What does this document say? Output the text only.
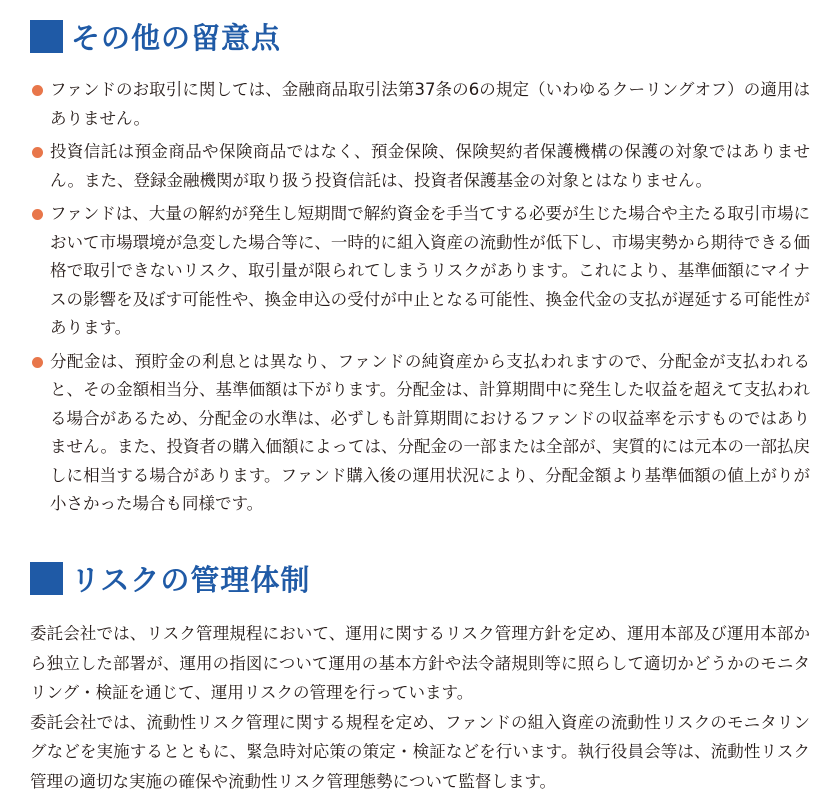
その他の留意点
ファンドのお取引に関しては、金融商品取引法第37条の6の規定（いわゆるクーリングオフ）の適用はありません。
投資信託は預金商品や保険商品ではなく、預金保険、保険契約者保護機構の保護の対象ではありません。また、登録金融機関が取り扱う投資信託は、投資者保護基金の対象とはなりません。
ファンドは、大量の解約が発生し短期間で解約資金を手当てする必要が生じた場合や主たる取引市場において市場環境が急変した場合等に、一時的に組入資産の流動性が低下し、市場実勢から期待できる価格で取引できないリスク、取引量が限られてしまうリスクがあります。これにより、基準価額にマイナスの影響を及ぼす可能性や、換金申込の受付が中止となる可能性、換金代金の支払が遅延する可能性があります。
分配金は、預貯金の利息とは異なり、ファンドの純資産から支払われますので、分配金が支払われると、その金額相当分、基準価額は下がります。分配金は、計算期間中に発生した収益を超えて支払われる場合があるため、分配金の水準は、必ずしも計算期間におけるファンドの収益率を示すものではありません。また、投資者の購入価額によっては、分配金の一部または全部が、実質的には元本の一部払戻しに相当する場合があります。ファンド購入後の運用状況により、分配金額より基準価額の値上がりが小さかった場合も同様です。
リスクの管理体制

委託会社では、リスク管理規程において、運用に関するリスク管理方針を定め、運用本部及び運用本部から独立した部署が、運用の指図について運用の基本方針や法令諸規則等に照らして適切かどうかのモニタリング・検証を通じて、運用リスクの管理を行っています。

委託会社では、流動性リスク管理に関する規程を定め、ファンドの組入資産の流動性リスクのモニタリングなどを実施するとともに、緊急時対応策の策定・検証などを行います。執行役員会等は、流動性リスク管理の適切な実施の確保や流動性リスク管理態勢について監督します。
